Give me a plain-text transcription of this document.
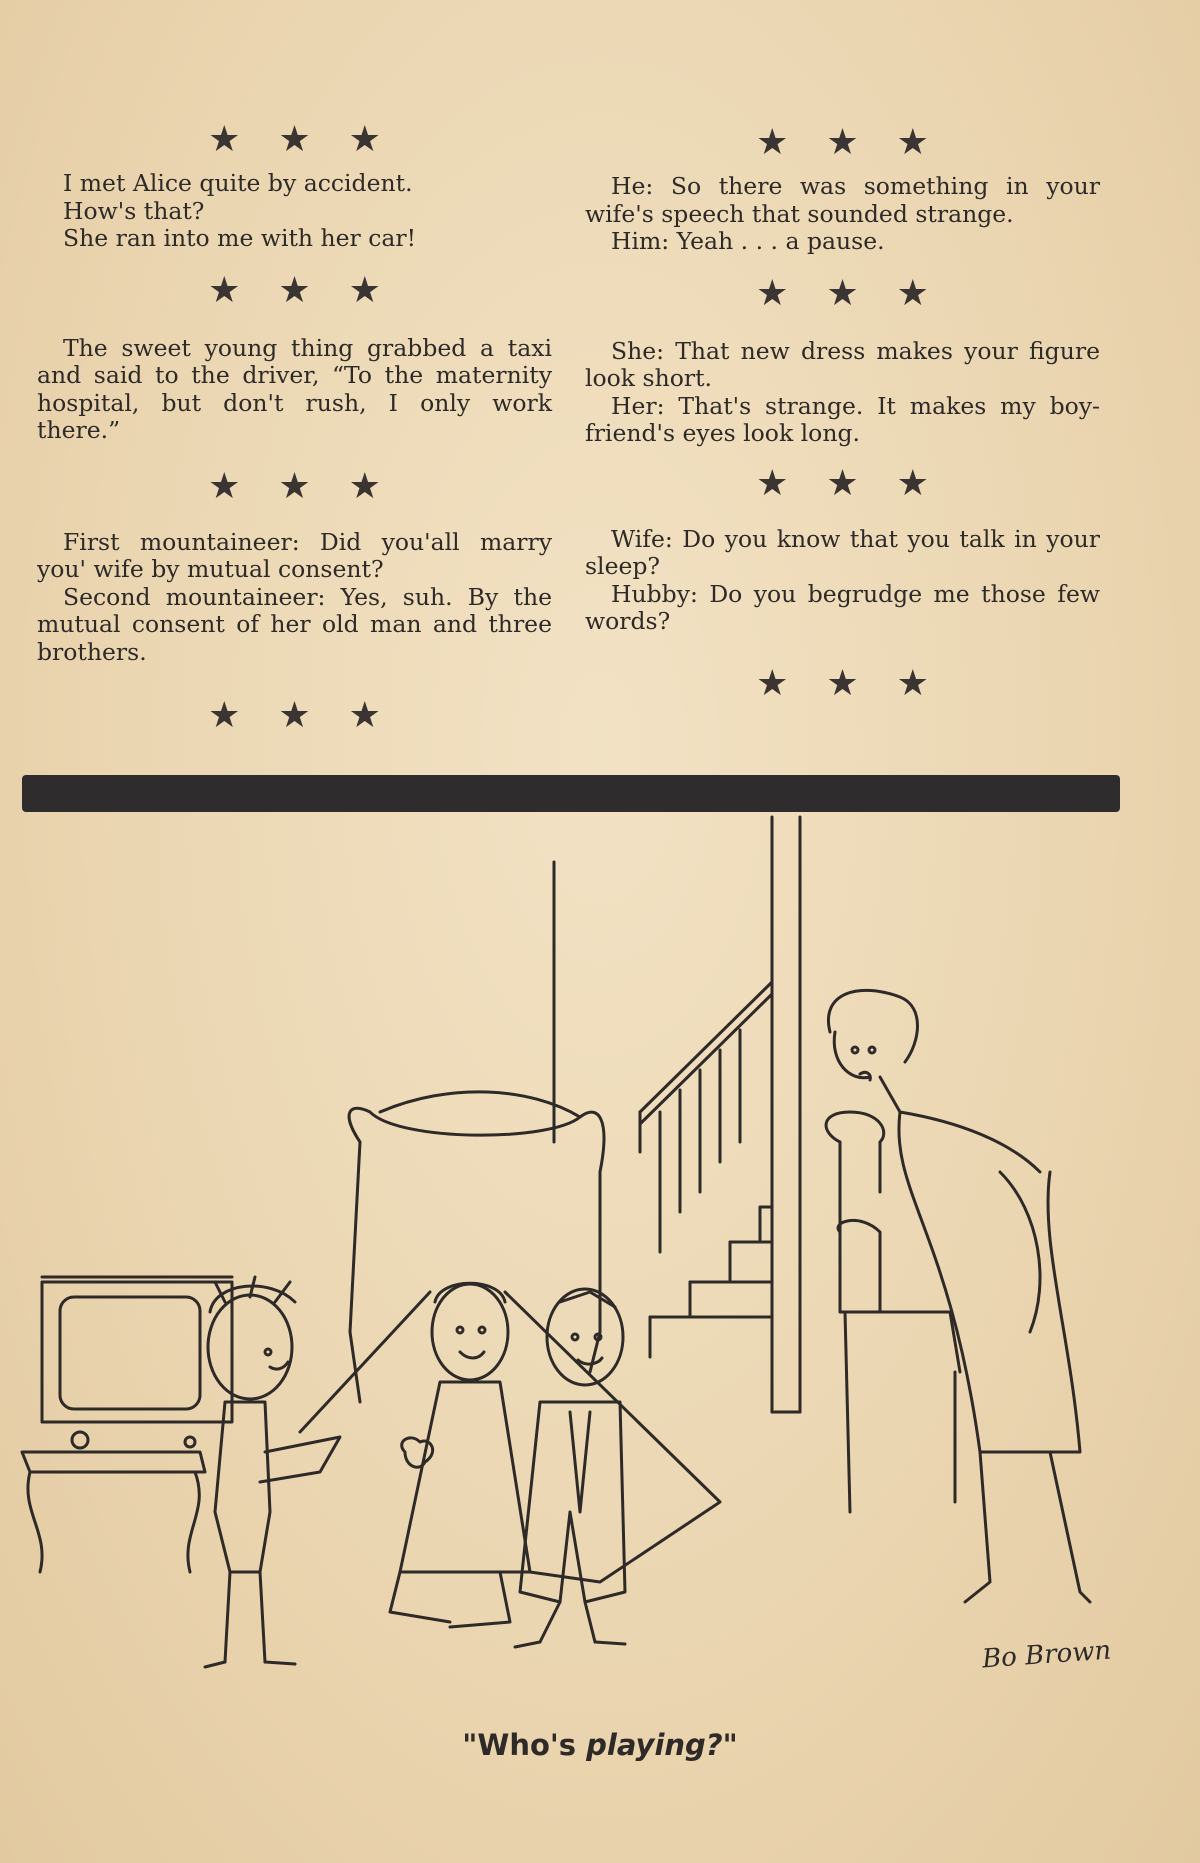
★★★

I met Alice quite by accident.

How's that?

She ran into me with her car!

★★★

The sweet young thing grabbed a taxi and said to the driver, “To the maternity hospital, but don't rush, I only work there.”

★★★

First mountaineer: Did you'all marry you' wife by mutual consent?

Second mountaineer: Yes, suh. By the mutual consent of her old man and three brothers.

★★★
★★★

He: So there was something in your wife's speech that sounded strange.

Him: Yeah . . . a pause.

★★★

She: That new dress makes your figure look short.

Her: That's strange. It makes my boy-friend's eyes look long.

★★★

Wife: Do you know that you talk in your sleep?

Hubby: Do you begrudge me those few words?

★★★
Bo Brown
"Who's playing?"
